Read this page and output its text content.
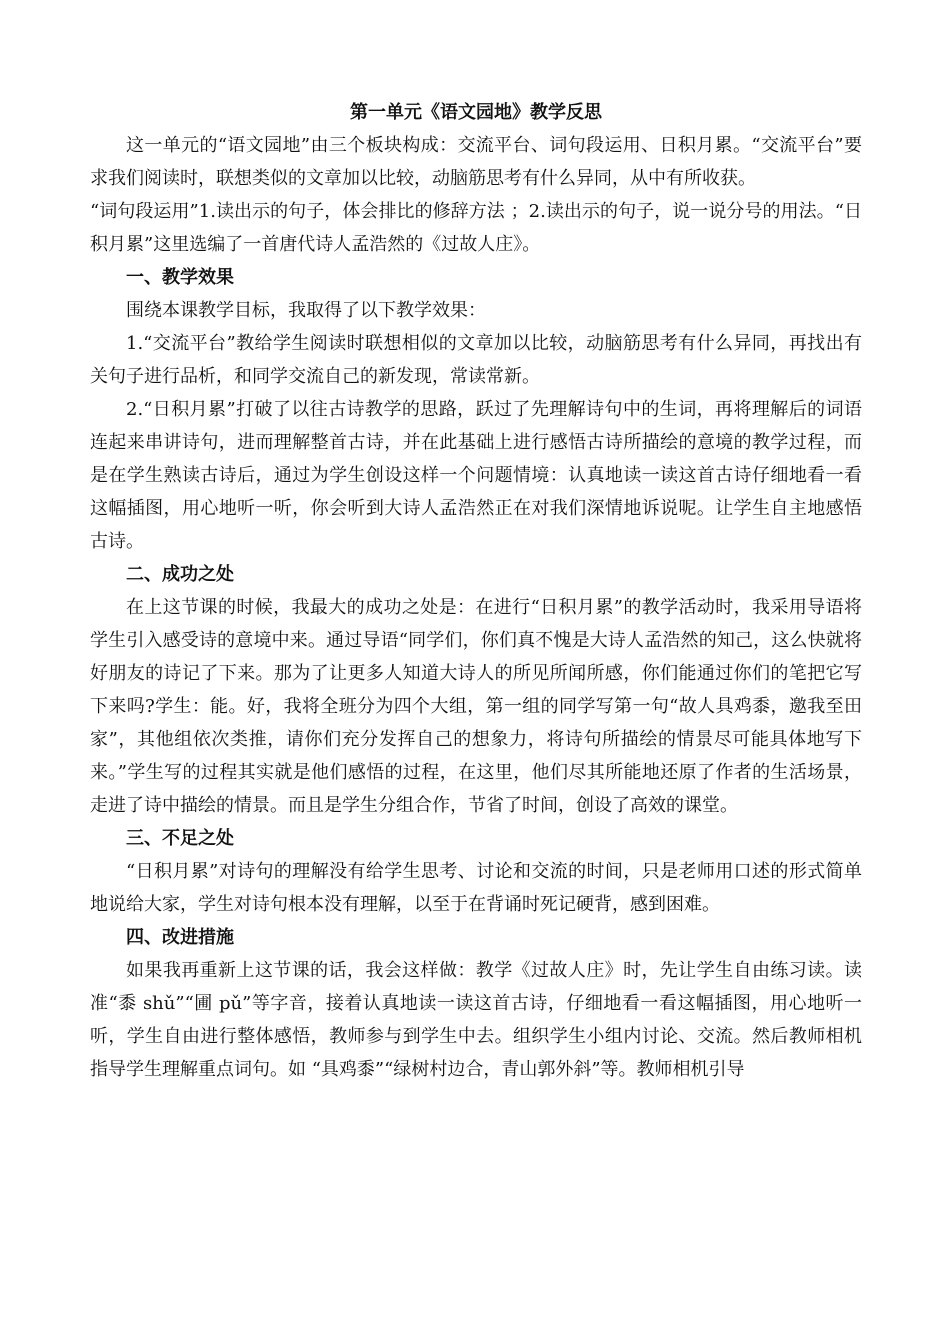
第一单元《语文园地》教学反思

这一单元的“语文园地”由三个板块构成：交流平台、词句段运用、日积月累。“交流平台”要求我们阅读时，联想类似的文章加以比较，动脑筋思考有什么异同，从中有所收获。

“词句段运用”1.读出示的句子，体会排比的修辞方法 ；2.读出示的句子，说一说分号的用法。“日积月累”这里选编了一首唐代诗人孟浩然的《过故人庄》。

一、教学效果

围绕本课教学目标，我取得了以下教学效果：

1.“交流平台”教给学生阅读时联想相似的文章加以比较，动脑筋思考有什么异同，再找出有关句子进行品析，和同学交流自己的新发现，常读常新。

2.“日积月累”打破了以往古诗教学的思路，跃过了先理解诗句中的生词，再将理解后的词语连起来串讲诗句，进而理解整首古诗，并在此基础上进行感悟古诗所描绘的意境的教学过程，而是在学生熟读古诗后，通过为学生创设这样一个问题情境：认真地读一读这首古诗仔细地看一看这幅插图，用心地听一听，你会听到大诗人孟浩然正在对我们深情地诉说呢。让学生自主地感悟古诗。

二、成功之处

在上这节课的时候，我最大的成功之处是：在进行“日积月累”的教学活动时，我采用导语将学生引入感受诗的意境中来。通过导语“同学们，你们真不愧是大诗人孟浩然的知己，这么快就将好朋友的诗记了下来。那为了让更多人知道大诗人的所见所闻所感，你们能通过你们的笔把它写下来吗?学生：能。好，我将全班分为四个大组，第一组的同学写第一句“故人具鸡黍，邀我至田家”，其他组依次类推，请你们充分发挥自己的想象力，将诗句所描绘的情景尽可能具体地写下来。”学生写的过程其实就是他们感悟的过程，在这里，他们尽其所能地还原了作者的生活场景，走进了诗中描绘的情景。而且是学生分组合作，节省了时间，创设了高效的课堂。

三、不足之处

“日积月累”对诗句的理解没有给学生思考、讨论和交流的时间，只是老师用口述的形式简单地说给大家，学生对诗句根本没有理解，以至于在背诵时死记硬背，感到困难。

四、改进措施

如果我再重新上这节课的话，我会这样做：教学《过故人庄》时，先让学生自由练习读。读准“黍 shǔ”“圃 pǔ”等字音，接着认真地读一读这首古诗，仔细地看一看这幅插图，用心地听一听，学生自由进行整体感悟，教师参与到学生中去。组织学生小组内讨论、交流。然后教师相机指导学生理解重点词句。如 “具鸡黍”“绿树村边合，青山郭外斜”等。教师相机引导
